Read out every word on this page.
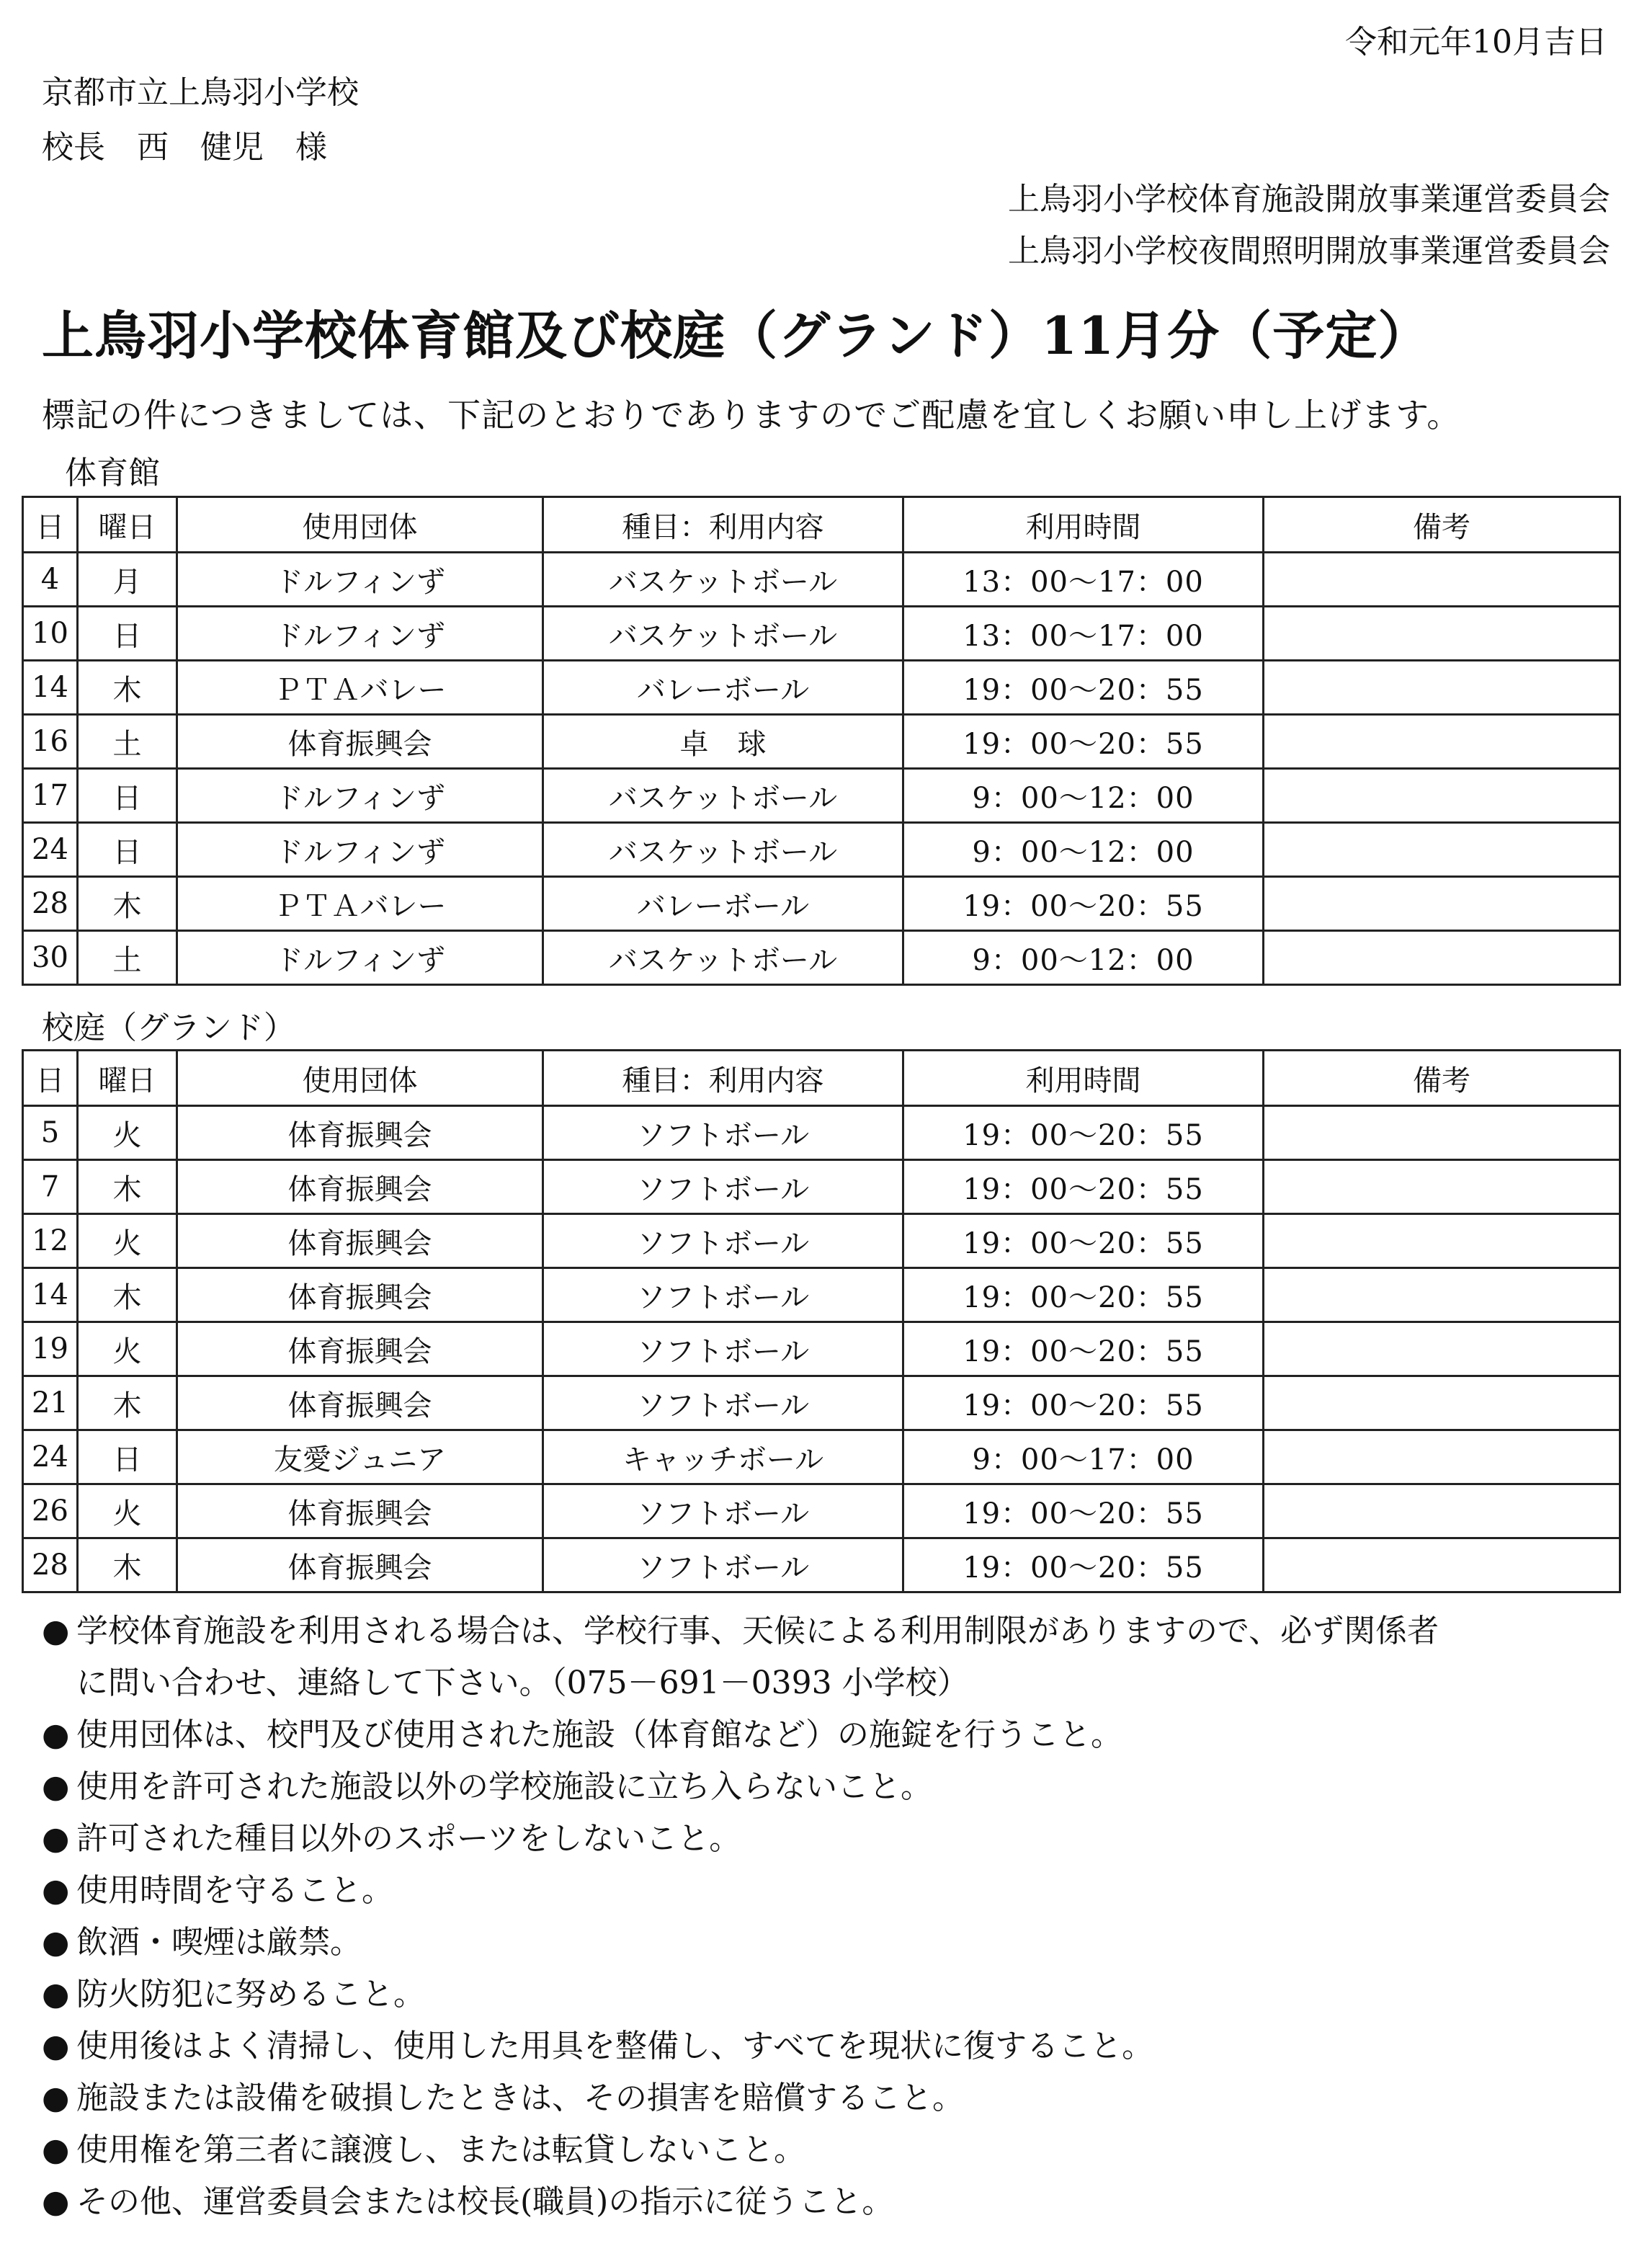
令和元年10月吉日
京都市立上鳥羽小学校
校長　西　健児　様
上鳥羽小学校体育施設開放事業運営委員会
上鳥羽小学校夜間照明開放事業運営委員会
上鳥羽小学校体育館及び校庭（グランド）11月分（予定）
標記の件につきましては、下記のとおりでありますのでご配慮を宜しくお願い申し上げます。
体育館
日	曜日	使用団体	種目：利用内容	利用時間	備考
4	月	ドルフィンず	バスケットボール	13：00～17：00	
10	日	ドルフィンず	バスケットボール	13：00～17：00	
14	木	ＰＴＡバレー	バレーボール	19：00～20：55	
16	土	体育振興会	卓　球	19：00～20：55	
17	日	ドルフィンず	バスケットボール	9：00～12：00	
24	日	ドルフィンず	バスケットボール	9：00～12：00	
28	木	ＰＴＡバレー	バレーボール	19：00～20：55	
30	土	ドルフィンず	バスケットボール	9：00～12：00	
校庭（グランド）
日	曜日	使用団体	種目：利用内容	利用時間	備考
5	火	体育振興会	ソフトボール	19：00～20：55	
7	木	体育振興会	ソフトボール	19：00～20：55	
12	火	体育振興会	ソフトボール	19：00～20：55	
14	木	体育振興会	ソフトボール	19：00～20：55	
19	火	体育振興会	ソフトボール	19：00～20：55	
21	木	体育振興会	ソフトボール	19：00～20：55	
24	日	友愛ジュニア	キャッチボール	9：00～17：00	
26	火	体育振興会	ソフトボール	19：00～20：55	
28	木	体育振興会	ソフトボール	19：00～20：55	
● 学校体育施設を利用される場合は、学校行事、天候による利用制限がありますので、必ず関係者
に問い合わせ、連絡して下さい。（075－691－0393 小学校）
● 使用団体は、校門及び使用された施設（体育館など）の施錠を行うこと。
● 使用を許可された施設以外の学校施設に立ち入らないこと。
● 許可された種目以外のスポーツをしないこと。
● 使用時間を守ること。
● 飲酒・喫煙は厳禁。
● 防火防犯に努めること。
● 使用後はよく清掃し、使用した用具を整備し、すべてを現状に復すること。
● 施設または設備を破損したときは、その損害を賠償すること。
● 使用権を第三者に譲渡し、または転貸しないこと。
● その他、運営委員会または校長(職員)の指示に従うこと。
